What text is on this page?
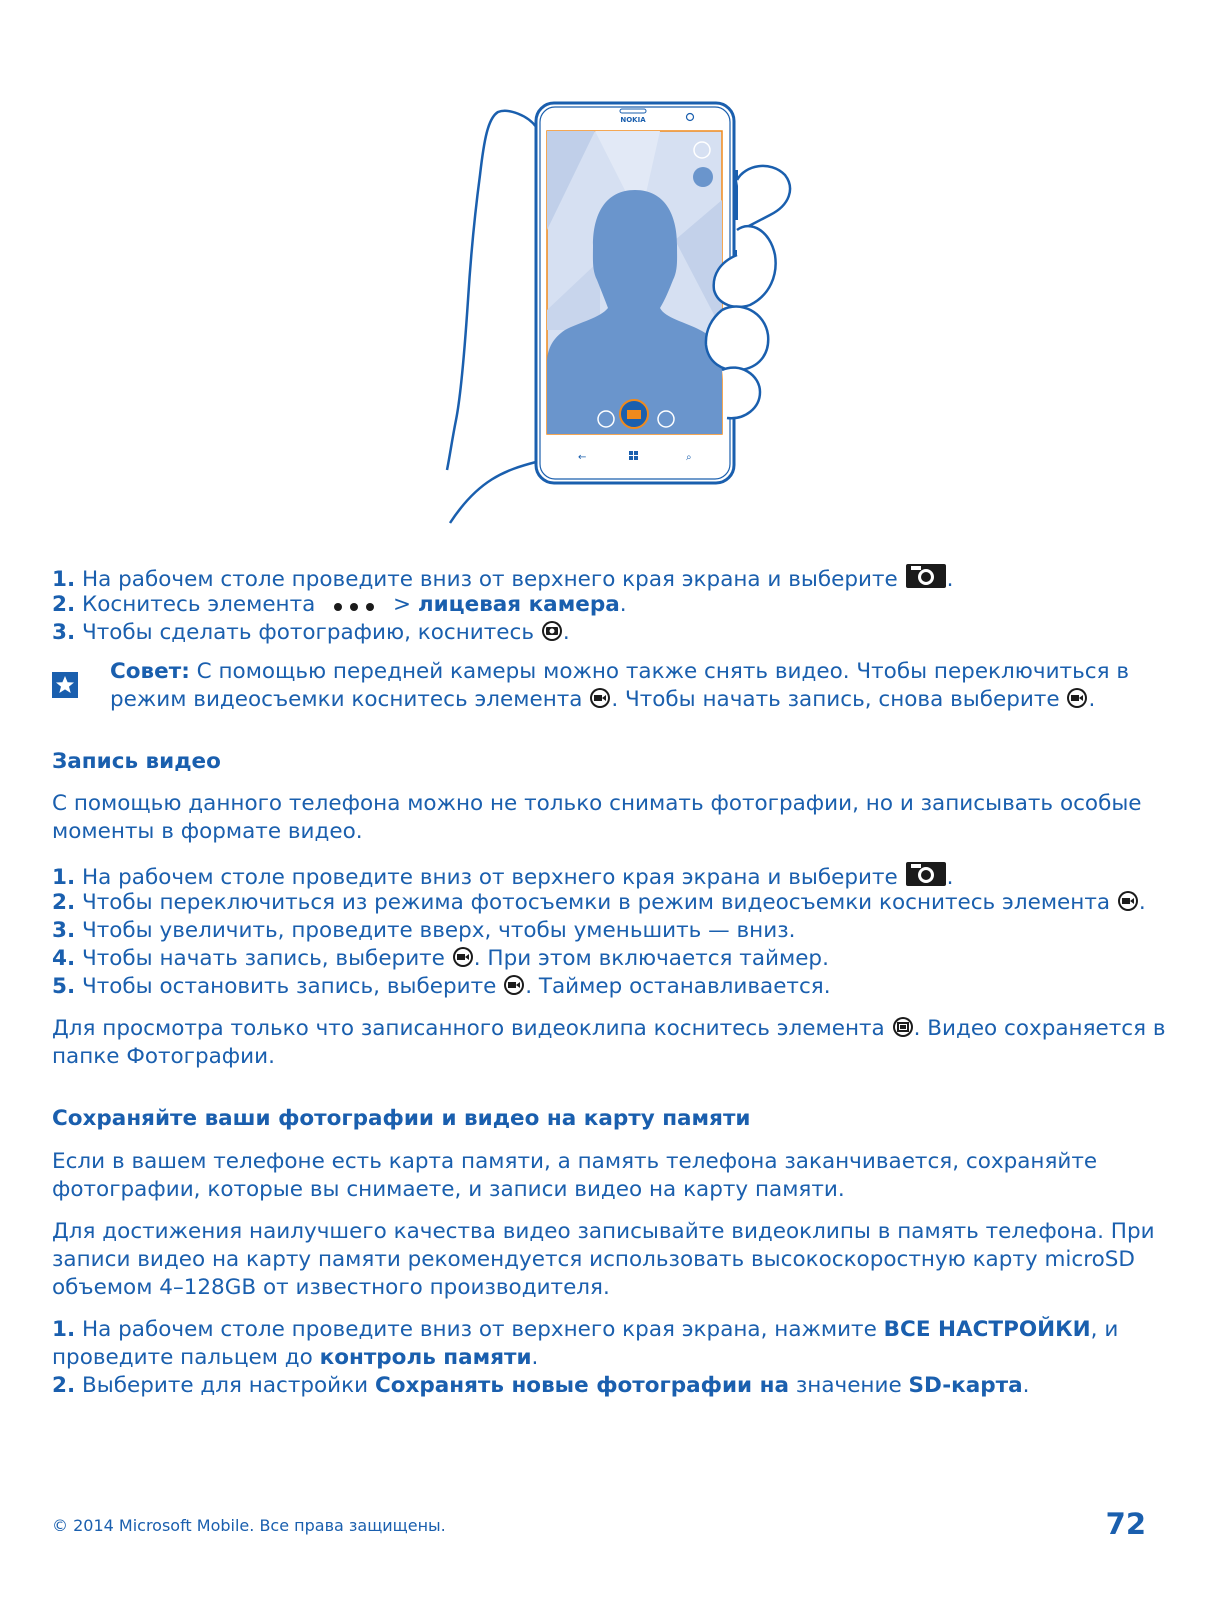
NOKIA
...
←	⌕
1. На рабочем столе проведите вниз от верхнего края экрана и выберите .
2. Коснитесь элемента	> лицевая камера.
3. Чтобы сделать фотографию, коснитесь .
Совет: С помощью передней камеры можно также снять видео. Чтобы переключиться в
режим видеосъемки коснитесь элемента . Чтобы начать запись, снова выберите .
Запись видео

С помощью данного телефона можно не только снимать фотографии, но и записывать особые моменты в формате видео.

1. На рабочем столе проведите вниз от верхнего края экрана и выберите .
2. Чтобы переключиться из режима фотосъемки в режим видеосъемки коснитесь элемента .
3. Чтобы увеличить, проведите вверх, чтобы уменьшить — вниз.
4. Чтобы начать запись, выберите . При этом включается таймер.
5. Чтобы остановить запись, выберите . Таймер останавливается.

Для просмотра только что записанного видеоклипа коснитесь элемента . Видео сохраняется в папке Фотографии.

Сохраняйте ваши фотографии и видео на карту памяти

Если в вашем телефоне есть карта памяти, а память телефона заканчивается, сохраняйте фотографии, которые вы снимаете, и записи видео на карту памяти.

Для достижения наилучшего качества видео записывайте видеоклипы в память телефона. При записи видео на карту памяти рекомендуется использовать высокоскоростную карту microSD объемом 4–128GB от известного производителя.

1. На рабочем столе проведите вниз от верхнего края экрана, нажмите ВСЕ НАСТРОЙКИ, и проведите пальцем до контроль памяти.

2. Выберите для настройки Сохранять новые фотографии на значение SD-карта.
© 2014 Microsoft Mobile. Все права защищены.	72
